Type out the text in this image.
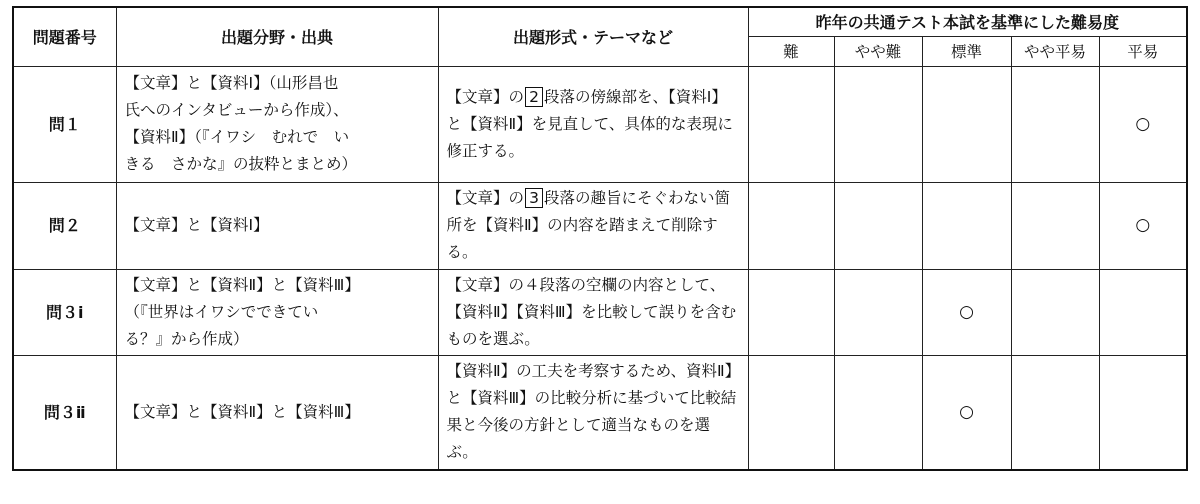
問題番号	出題分野・出典	出題形式・テーマなど	昨年の共通テスト本試を基準にした難易度				
			難	やや難	標準	やや平易	平易
問１	【文章】と【資料Ⅰ】（山形昌也
氏へのインタビューから作成）、
【資料Ⅱ】（『イワシ　むれで　い
きる　さかな』の抜粋とまとめ）	【文章】の 2 段落の傍線部を、【資料Ⅰ】と【資料Ⅱ】を見直して、具体的な表現に修正する。					○
問２	【文章】と【資料Ⅰ】	【文章】の 3 段落の趣旨にそぐわない箇所を【資料Ⅱ】の内容を踏まえて削除する。					○
問３ⅰ	【文章】と【資料Ⅱ】と【資料Ⅲ】
（『世界はイワシでできてい
る？』から作成）	【文章】の４段落の空欄の内容として、【資料Ⅱ】【資料Ⅲ】を比較して誤りを含むものを選ぶ。			○		
問３ⅱ	【文章】と【資料Ⅱ】と【資料Ⅲ】	【資料Ⅱ】の工夫を考察するため、資料Ⅱ】と【資料Ⅲ】の比較分析に基づいて比較結果と今後の方針として適当なものを選ぶ。			○		
